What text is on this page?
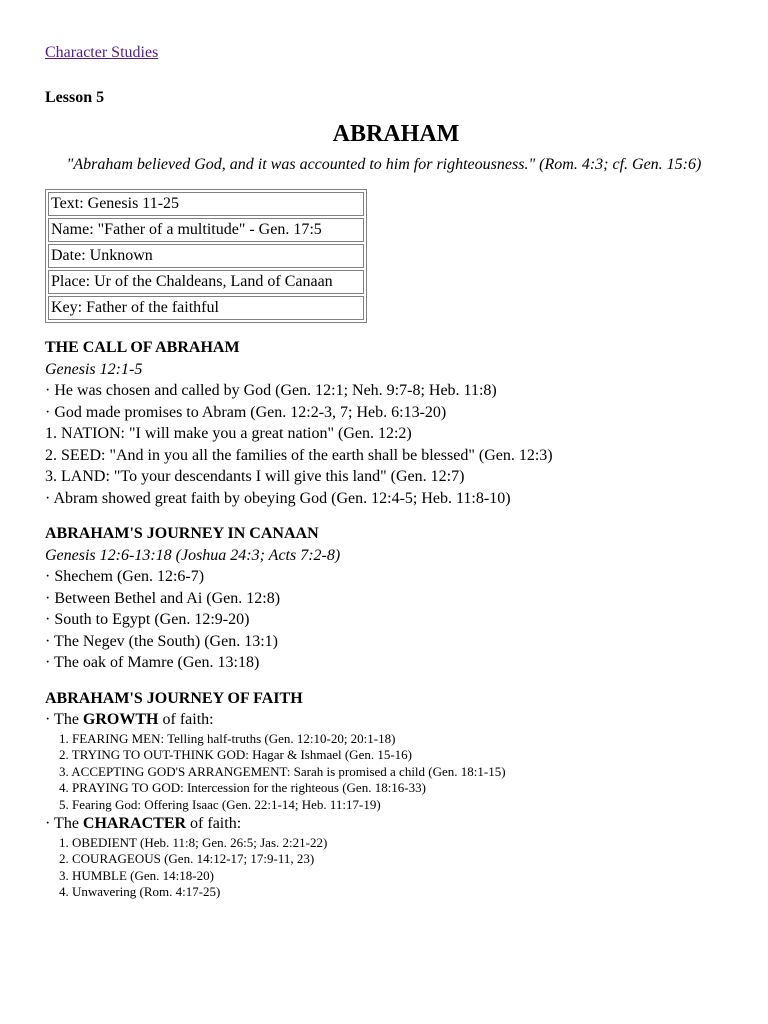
Character Studies
Lesson 5
ABRAHAM

"Abraham believed God, and it was accounted to him for righteousness." (Rom. 4:3; cf. Gen. 15:6)

Text: Genesis 11-25
Name: "Father of a multitude" - Gen. 17:5
Date: Unknown
Place: Ur of the Chaldeans, Land of Canaan
Key: Father of the faithful
THE CALL OF ABRAHAM
Genesis 12:1-5
· He was chosen and called by God (Gen. 12:1; Neh. 9:7-8; Heb. 11:8)
· God made promises to Abram (Gen. 12:2-3, 7; Heb. 6:13-20)
1. NATION: "I will make you a great nation" (Gen. 12:2)
2. SEED: "And in you all the families of the earth shall be blessed" (Gen. 12:3)
3. LAND: "To your descendants I will give this land" (Gen. 12:7)
· Abram showed great faith by obeying God (Gen. 12:4-5; Heb. 11:8-10)
ABRAHAM'S JOURNEY IN CANAAN
Genesis 12:6-13:18 (Joshua 24:3; Acts 7:2-8)
· Shechem (Gen. 12:6-7)
· Between Bethel and Ai (Gen. 12:8)
· South to Egypt (Gen. 12:9-20)
· The Negev (the South) (Gen. 13:1)
· The oak of Mamre (Gen. 13:18)
ABRAHAM'S JOURNEY OF FAITH
· The GROWTH of faith:
1. FEARING MEN: Telling half-truths (Gen. 12:10-20; 20:1-18)
2. TRYING TO OUT-THINK GOD: Hagar & Ishmael (Gen. 15-16)
3. ACCEPTING GOD'S ARRANGEMENT: Sarah is promised a child (Gen. 18:1-15)
4. PRAYING TO GOD: Intercession for the righteous (Gen. 18:16-33)
5. Fearing God: Offering Isaac (Gen. 22:1-14; Heb. 11:17-19)
· The CHARACTER of faith:
1. OBEDIENT (Heb. 11:8; Gen. 26:5; Jas. 2:21-22)
2. COURAGEOUS (Gen. 14:12-17; 17:9-11, 23)
3. HUMBLE (Gen. 14:18-20)
4. Unwavering (Rom. 4:17-25)
